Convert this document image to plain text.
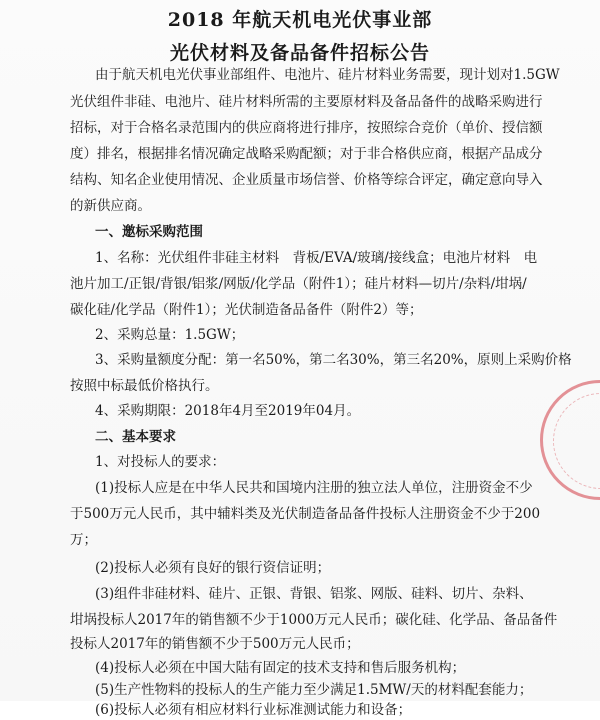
2018 年航天机电光伏事业部
光伏材料及备品备件招标公告
由于航天机电光伏事业部组件、电池片、硅片材料业务需要，现计划对1.5GW
光伏组件非硅、电池片、硅片材料所需的主要原材料及备品备件的战略采购进行
招标，对于合格名录范围内的供应商将进行排序，按照综合竞价（单价、授信额
度）排名，根据排名情况确定战略采购配额；对于非合格供应商，根据产品成分
结构、知名企业使用情况、企业质量市场信誉、价格等综合评定，确定意向导入
的新供应商。
一、邀标采购范围
1、名称：光伏组件非硅主材料　背板/EVA/玻璃/接线盒；电池片材料　电
池片加工/正银/背银/铝浆/网版/化学品（附件1）；硅片材料—切片/杂料/坩埚/
碳化硅/化学品（附件1）；光伏制造备品备件（附件2）等；
2、采购总量：1.5GW；
3、采购量额度分配：第一名50%，第二名30%，第三名20%，原则上采购价格
按照中标最低价格执行。
4、采购期限：2018年4月至2019年04月。
二、基本要求
1、对投标人的要求：
(1)投标人应是在中华人民共和国境内注册的独立法人单位，注册资金不少
于500万元人民币，其中辅料类及光伏制造备品备件投标人注册资金不少于200
万；
(2)投标人必须有良好的银行资信证明；
(3)组件非硅材料、硅片、正银、背银、铝浆、网版、硅料、切片、杂料、
坩埚投标人2017年的销售额不少于1000万元人民币；碳化硅、化学品、备品备件
投标人2017年的销售额不少于500万元人民币；
(4)投标人必须在中国大陆有固定的技术支持和售后服务机构；
(5)生产性物料的投标人的生产能力至少满足1.5MW/天的材料配套能力；
(6)投标人必须有相应材料行业标准测试能力和设备；
